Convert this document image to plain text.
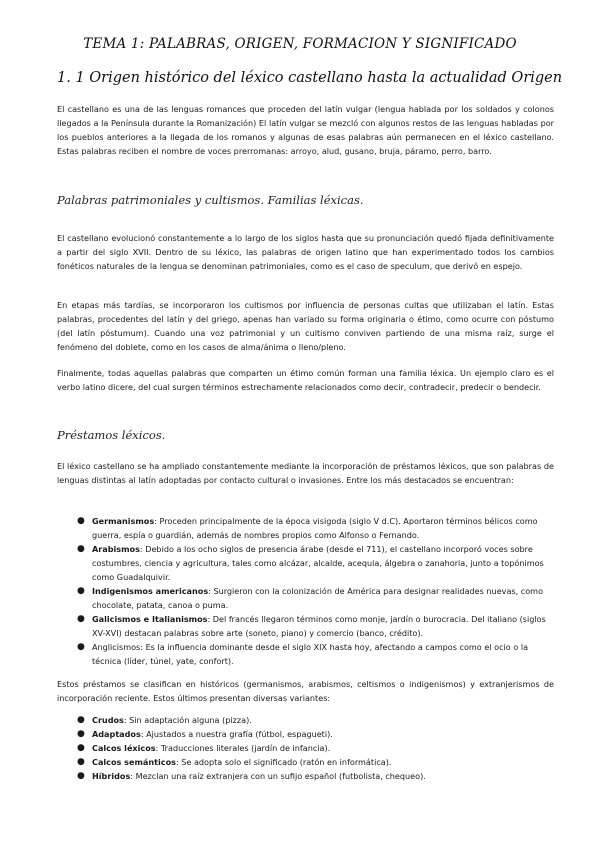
TEMA 1: PALABRAS, ORIGEN, FORMACION Y SIGNIFICADO
1. 1 Origen histórico del léxico castellano hasta la actualidad Origen

El castellano es una de las lenguas romances que proceden del latín vulgar (lengua hablada por los soldados y colonos llegados a la Península durante la Romanización) El latín vulgar se mezcló con algunos restos de las lenguas habladas por los pueblos anteriores a la llegada de los romanos y algunas de esas palabras aún permanecen en el léxico castellano. Estas palabras reciben el nombre de voces prerromanas: arroyo, alud, gusano, bruja, páramo, perro, barro.

Palabras patrimoniales y cultismos. Familias léxicas.

El castellano evolucionó constantemente a lo largo de los siglos hasta que su pronunciación quedó fijada definitivamente a partir del siglo XVII. Dentro de su léxico, las palabras de origen latino que han experimentado todos los cambios fonéticos naturales de la lengua se denominan patrimoniales, como es el caso de speculum, que derivó en espejo.

En etapas más tardías, se incorporaron los cultismos por influencia de personas cultas que utilizaban el latín. Estas palabras, procedentes del latín y del griego, apenas han variado su forma originaria o étimo, como ocurre con póstumo (del latín póstumum). Cuando una voz patrimonial y un cultismo conviven partiendo de una misma raíz, surge el fenómeno del doblete, como en los casos de alma/ánima o lleno/pleno.

Finalmente, todas aquellas palabras que comparten un étimo común forman una familia léxica. Un ejemplo claro es el verbo latino dicere, del cual surgen términos estrechamente relacionados como decir, contradecir, predecir o bendecir.

Préstamos léxicos.

El léxico castellano se ha ampliado constantemente mediante la incorporación de préstamos léxicos, que son palabras de lenguas distintas al latín adoptadas por contacto cultural o invasiones. Entre los más destacados se encuentran:

● Germanismos: Proceden principalmente de la época visigoda (siglo V d.C). Aportaron términos bélicos como guerra, espía o guardián, además de nombres propios como Alfonso o Fernando.
● Arabismos: Debido a los ocho siglos de presencia árabe (desde el 711), el castellano incorporó voces sobre costumbres, ciencia y agricultura, tales como alcázar, alcalde, acequia, álgebra o zanahoria, junto a topónimos como Guadalquivir.
● Indigenismos americanos: Surgieron con la colonización de América para designar realidades nuevas, como chocolate, patata, canoa o puma.
● Galicismos e Italianismos: Del francés llegaron términos como monje, jardín o burocracia. Del italiano (siglos XV-XVI) destacan palabras sobre arte (soneto, piano) y comercio (banco, crédito).
● Anglicismos: Es la influencia dominante desde el siglo XIX hasta hoy, afectando a campos como el ocio o la técnica (líder, túnel, yate, confort).

Estos préstamos se clasifican en históricos (germanismos, arabismos, celtismos o indigenismos) y extranjerismos de incorporación reciente. Estos últimos presentan diversas variantes:

● Crudos: Sin adaptación alguna (pizza).
● Adaptados: Ajustados a nuestra grafía (fútbol, espagueti).
● Calcos léxicos: Traducciones literales (jardín de infancia).
● Calcos semánticos: Se adopta solo el significado (ratón en informática).
● Híbridos: Mezclan una raíz extranjera con un sufijo español (futbolista, chequeo).
